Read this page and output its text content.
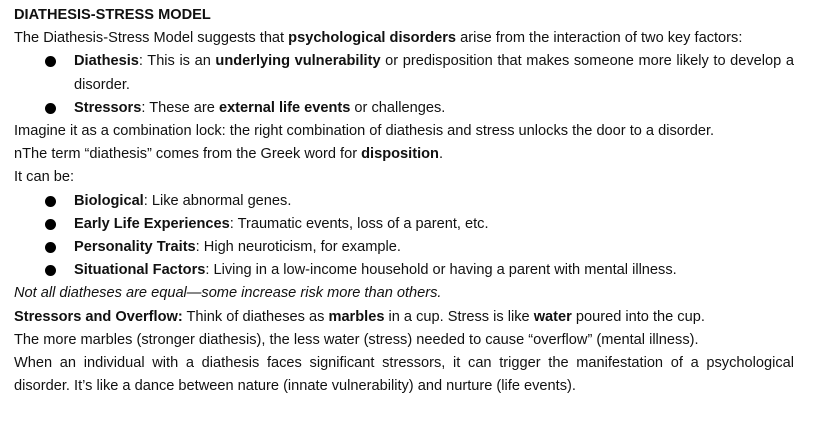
DIATHESIS-STRESS MODEL

The Diathesis-Stress Model suggests that psychological disorders arise from the interaction of two key factors:

Diathesis: This is an underlying vulnerability or predisposition that makes someone more likely to develop a disorder.
Stressors: These are external life events or challenges.

Imagine it as a combination lock: the right combination of diathesis and stress unlocks the door to a disorder.

nThe term “diathesis” comes from the Greek word for disposition.

It can be:

Biological: Like abnormal genes.
Early Life Experiences: Traumatic events, loss of a parent, etc.
Personality Traits: High neuroticism, for example.
Situational Factors: Living in a low-income household or having a parent with mental illness.

Not all diatheses are equal—some increase risk more than others.

Stressors and Overflow: Think of diatheses as marbles in a cup. Stress is like water poured into the cup.

The more marbles (stronger diathesis), the less water (stress) needed to cause “overflow” (mental illness).

When an individual with a diathesis faces significant stressors, it can trigger the manifestation of a psychological disorder. It’s like a dance between nature (innate vulnerability) and nurture (life events).
